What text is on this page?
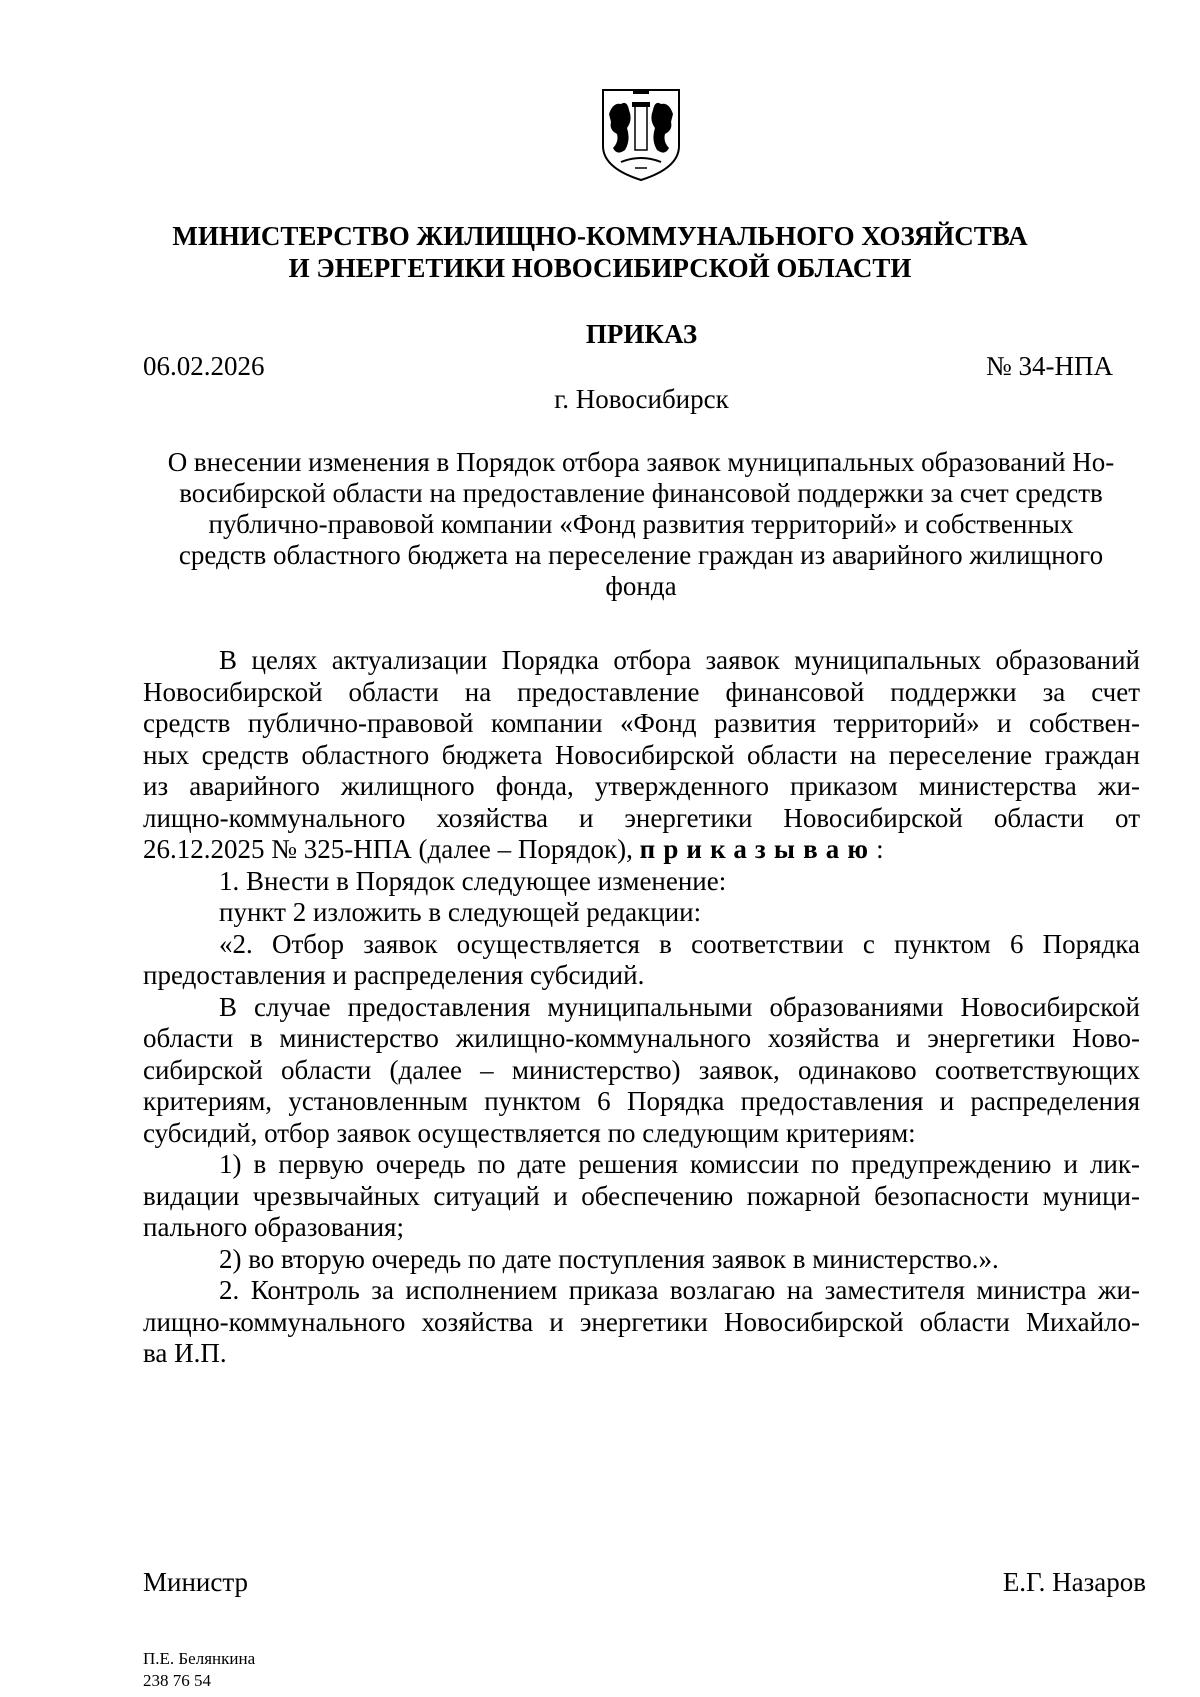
МИНИСТЕРСТВО ЖИЛИЩНО-КОММУНАЛЬНОГО ХОЗЯЙСТВА
И ЭНЕРГЕТИКИ НОВОСИБИРСКОЙ ОБЛАСТИ
ПРИКАЗ
06.02.2026	№ 34-НПА
г. Новосибирск
О внесении изменения в Порядок отбора заявок муниципальных образований Но-
восибирской области на предоставление финансовой поддержки за счет средств
публично-правовой компании «Фонд развития территорий» и собственных
средств областного бюджета на переселение граждан из аварийного жилищного
фонда
В целях актуализации Порядка отбора заявок муниципальных образований
Новосибирской области на предоставление финансовой поддержки за счет
средств публично-правовой компании «Фонд развития территорий» и собствен-
ных средств областного бюджета Новосибирской области на переселение граждан
из аварийного жилищного фонда, утвержденного приказом министерства жи-
лищно-коммунального хозяйства и энергетики Новосибирской области от
26.12.2025 № 325-НПА (далее – Порядок), приказываю:
1. Внести в Порядок следующее изменение:
пункт 2 изложить в следующей редакции:
«2. Отбор заявок осуществляется в соответствии с пунктом 6 Порядка
предоставления и распределения субсидий.
В случае предоставления муниципальными образованиями Новосибирской
области в министерство жилищно-коммунального хозяйства и энергетики Ново-
сибирской области (далее – министерство) заявок, одинаково соответствующих
критериям, установленным пунктом 6 Порядка предоставления и распределения
субсидий, отбор заявок осуществляется по следующим критериям:
1) в первую очередь по дате решения комиссии по предупреждению и лик-
видации чрезвычайных ситуаций и обеспечению пожарной безопасности муници-
пального образования;
2) во вторую очередь по дате поступления заявок в министерство.».
2. Контроль за исполнением приказа возлагаю на заместителя министра жи-
лищно-коммунального хозяйства и энергетики Новосибирской области Михайло-
ва И.П.
Министр	Е.Г. Назаров
П.Е. Белянкина
238 76 54
